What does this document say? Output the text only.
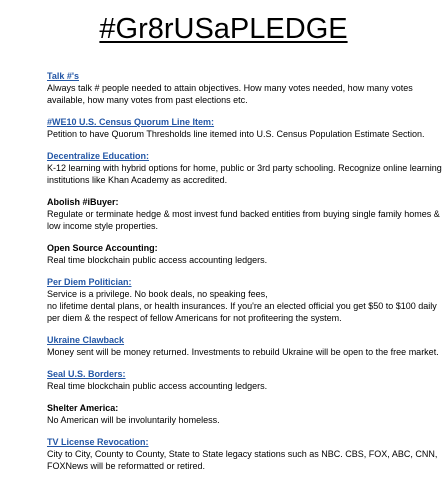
#Gr8rUSaPLEDGE
Talk #'s
Always talk # people needed to attain objectives. How many votes needed, how many votes available, how many votes from past elections etc.
#WE10 U.S. Census Quorum Line Item:
Petition to have Quorum Thresholds line itemed into U.S. Census Population Estimate Section.
Decentralize Education:
K-12 learning with hybrid options for home, public or 3rd party schooling. Recognize online learning institutions like Khan Academy as accredited.
Abolish #iBuyer:
Regulate or terminate hedge & most invest fund backed entities from buying single family homes & low income style properties.
Open Source Accounting:
Real time blockchain public access accounting ledgers.
Per Diem Politician:
Service is a privilege. No book deals, no speaking fees,
no lifetime dental plans, or health insurances. If you're an elected official you get $50 to $100 daily per diem & the respect of fellow Americans for not profiteering the system.
Ukraine Clawback
Money sent will be money returned. Investments to rebuild Ukraine will be open to the free market.
Seal U.S. Borders:
Real time blockchain public access accounting ledgers.
Shelter America:
No American will be involuntarily homeless.
TV License Revocation:
City to City, County to County, State to State legacy stations such as NBC. CBS, FOX, ABC, CNN, FOXNews will be reformatted or retired.
